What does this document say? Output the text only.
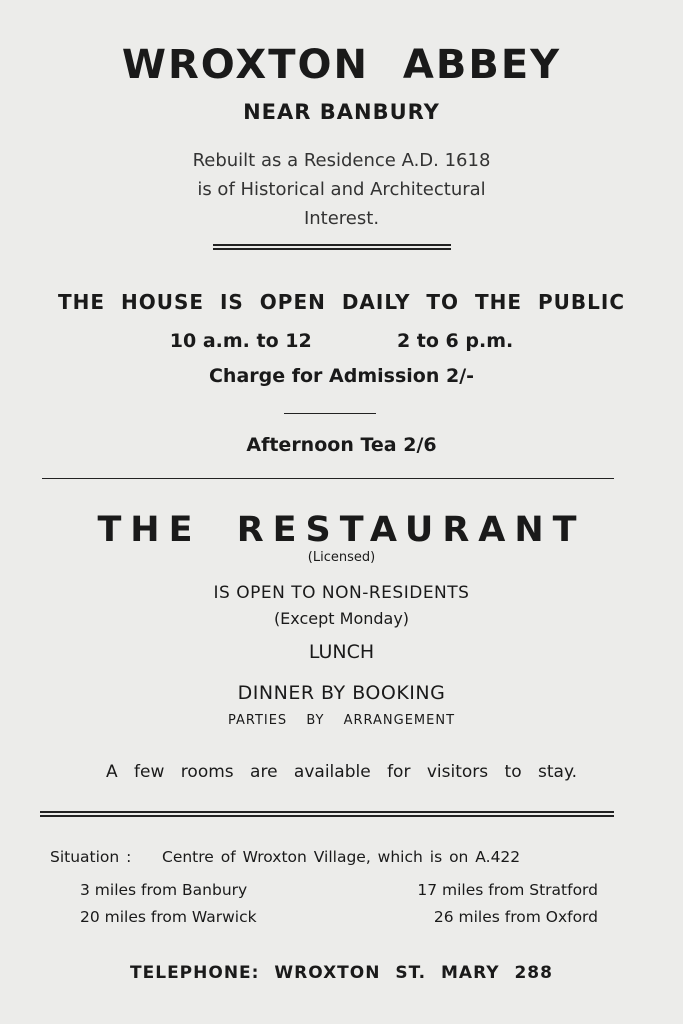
WROXTON ABBEY
NEAR BANBURY
Rebuilt as a Residence A.D. 1618
is of Historical and Architectural
Interest.
THE HOUSE IS OPEN DAILY TO THE PUBLIC
10 a.m. to 12	2 to 6 p.m.
Charge for Admission 2/-
Afternoon Tea 2/6
THE RESTAURANT
(Licensed)
IS OPEN TO NON-RESIDENTS
(Except Monday)
LUNCH
DINNER BY BOOKING
PARTIES BY ARRANGEMENT
A few rooms are available for visitors to stay.
Situation : Centre of Wroxton Village, which is on A.422
3 miles from Banbury	17 miles from Stratford
20 miles from Warwick	26 miles from Oxford
TELEPHONE: WROXTON ST. MARY 288
